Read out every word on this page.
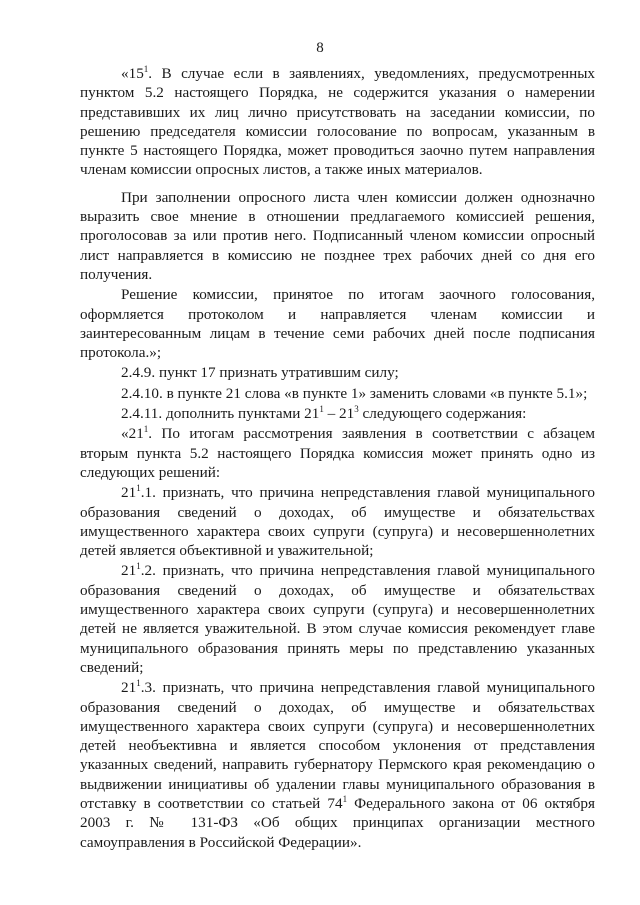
8

«$15^1$. В случае если в заявлениях, уведомлениях, предусмотренных пунктом 5.2 настоящего Порядка, не содержится указания о намерении представивших их лиц лично присутствовать на заседании комиссии, по решению председателя комиссии голосование по вопросам, указанным в пункте 5 настоящего Порядка, может проводиться заочно путем направления членам комиссии опросных листов, а также иных материалов.

При заполнении опросного листа член комиссии должен однозначно выразить свое мнение в отношении предлагаемого комиссией решения, проголосовав за или против него. Подписанный членом комиссии опросный лист направляется в комиссию не позднее трех рабочих дней со дня его получения.

Решение комиссии, принятое по итогам заочного голосования, оформляется протоколом и направляется членам комиссии и заинтересованным лицам в течение семи рабочих дней после подписания протокола.»;

2.4.9. пункт 17 признать утратившим силу;

2.4.10. в пункте 21 слова «в пункте 1» заменить словами «в пункте 5.1»;

2.4.11. дополнить пунктами $21^1 - 21^3$ следующего содержания:

«$21^1$. По итогам рассмотрения заявления в соответствии с абзацем вторым пункта 5.2 настоящего Порядка комиссия может принять одно из следующих решений:

$21^1.1$. признать, что причина непредставления главой муниципального образования сведений о доходах, об имуществе и обязательствах имущественного характера своих супруги (супруга) и несовершеннолетних детей является объективной и уважительной;

$21^1.2$. признать, что причина непредставления главой муниципального образования сведений о доходах, об имуществе и обязательствах имущественного характера своих супруги (супруга) и несовершеннолетних детей не является уважительной. В этом случае комиссия рекомендует главе муниципального образования принять меры по представлению указанных сведений;

$21^1.3$. признать, что причина непредставления главой муниципального образования сведений о доходах, об имуществе и обязательствах имущественного характера своих супруги (супруга) и несовершеннолетних детей необъективна и является способом уклонения от представления указанных сведений, направить губернатору Пермского края рекомендацию о выдвижении инициативы об удалении главы муниципального образования в отставку в соответствии со статьей $74^1$ Федерального закона от 06 октября 2003 г. № 131-ФЗ «Об общих принципах организации местного самоуправления в Российской Федерации».
